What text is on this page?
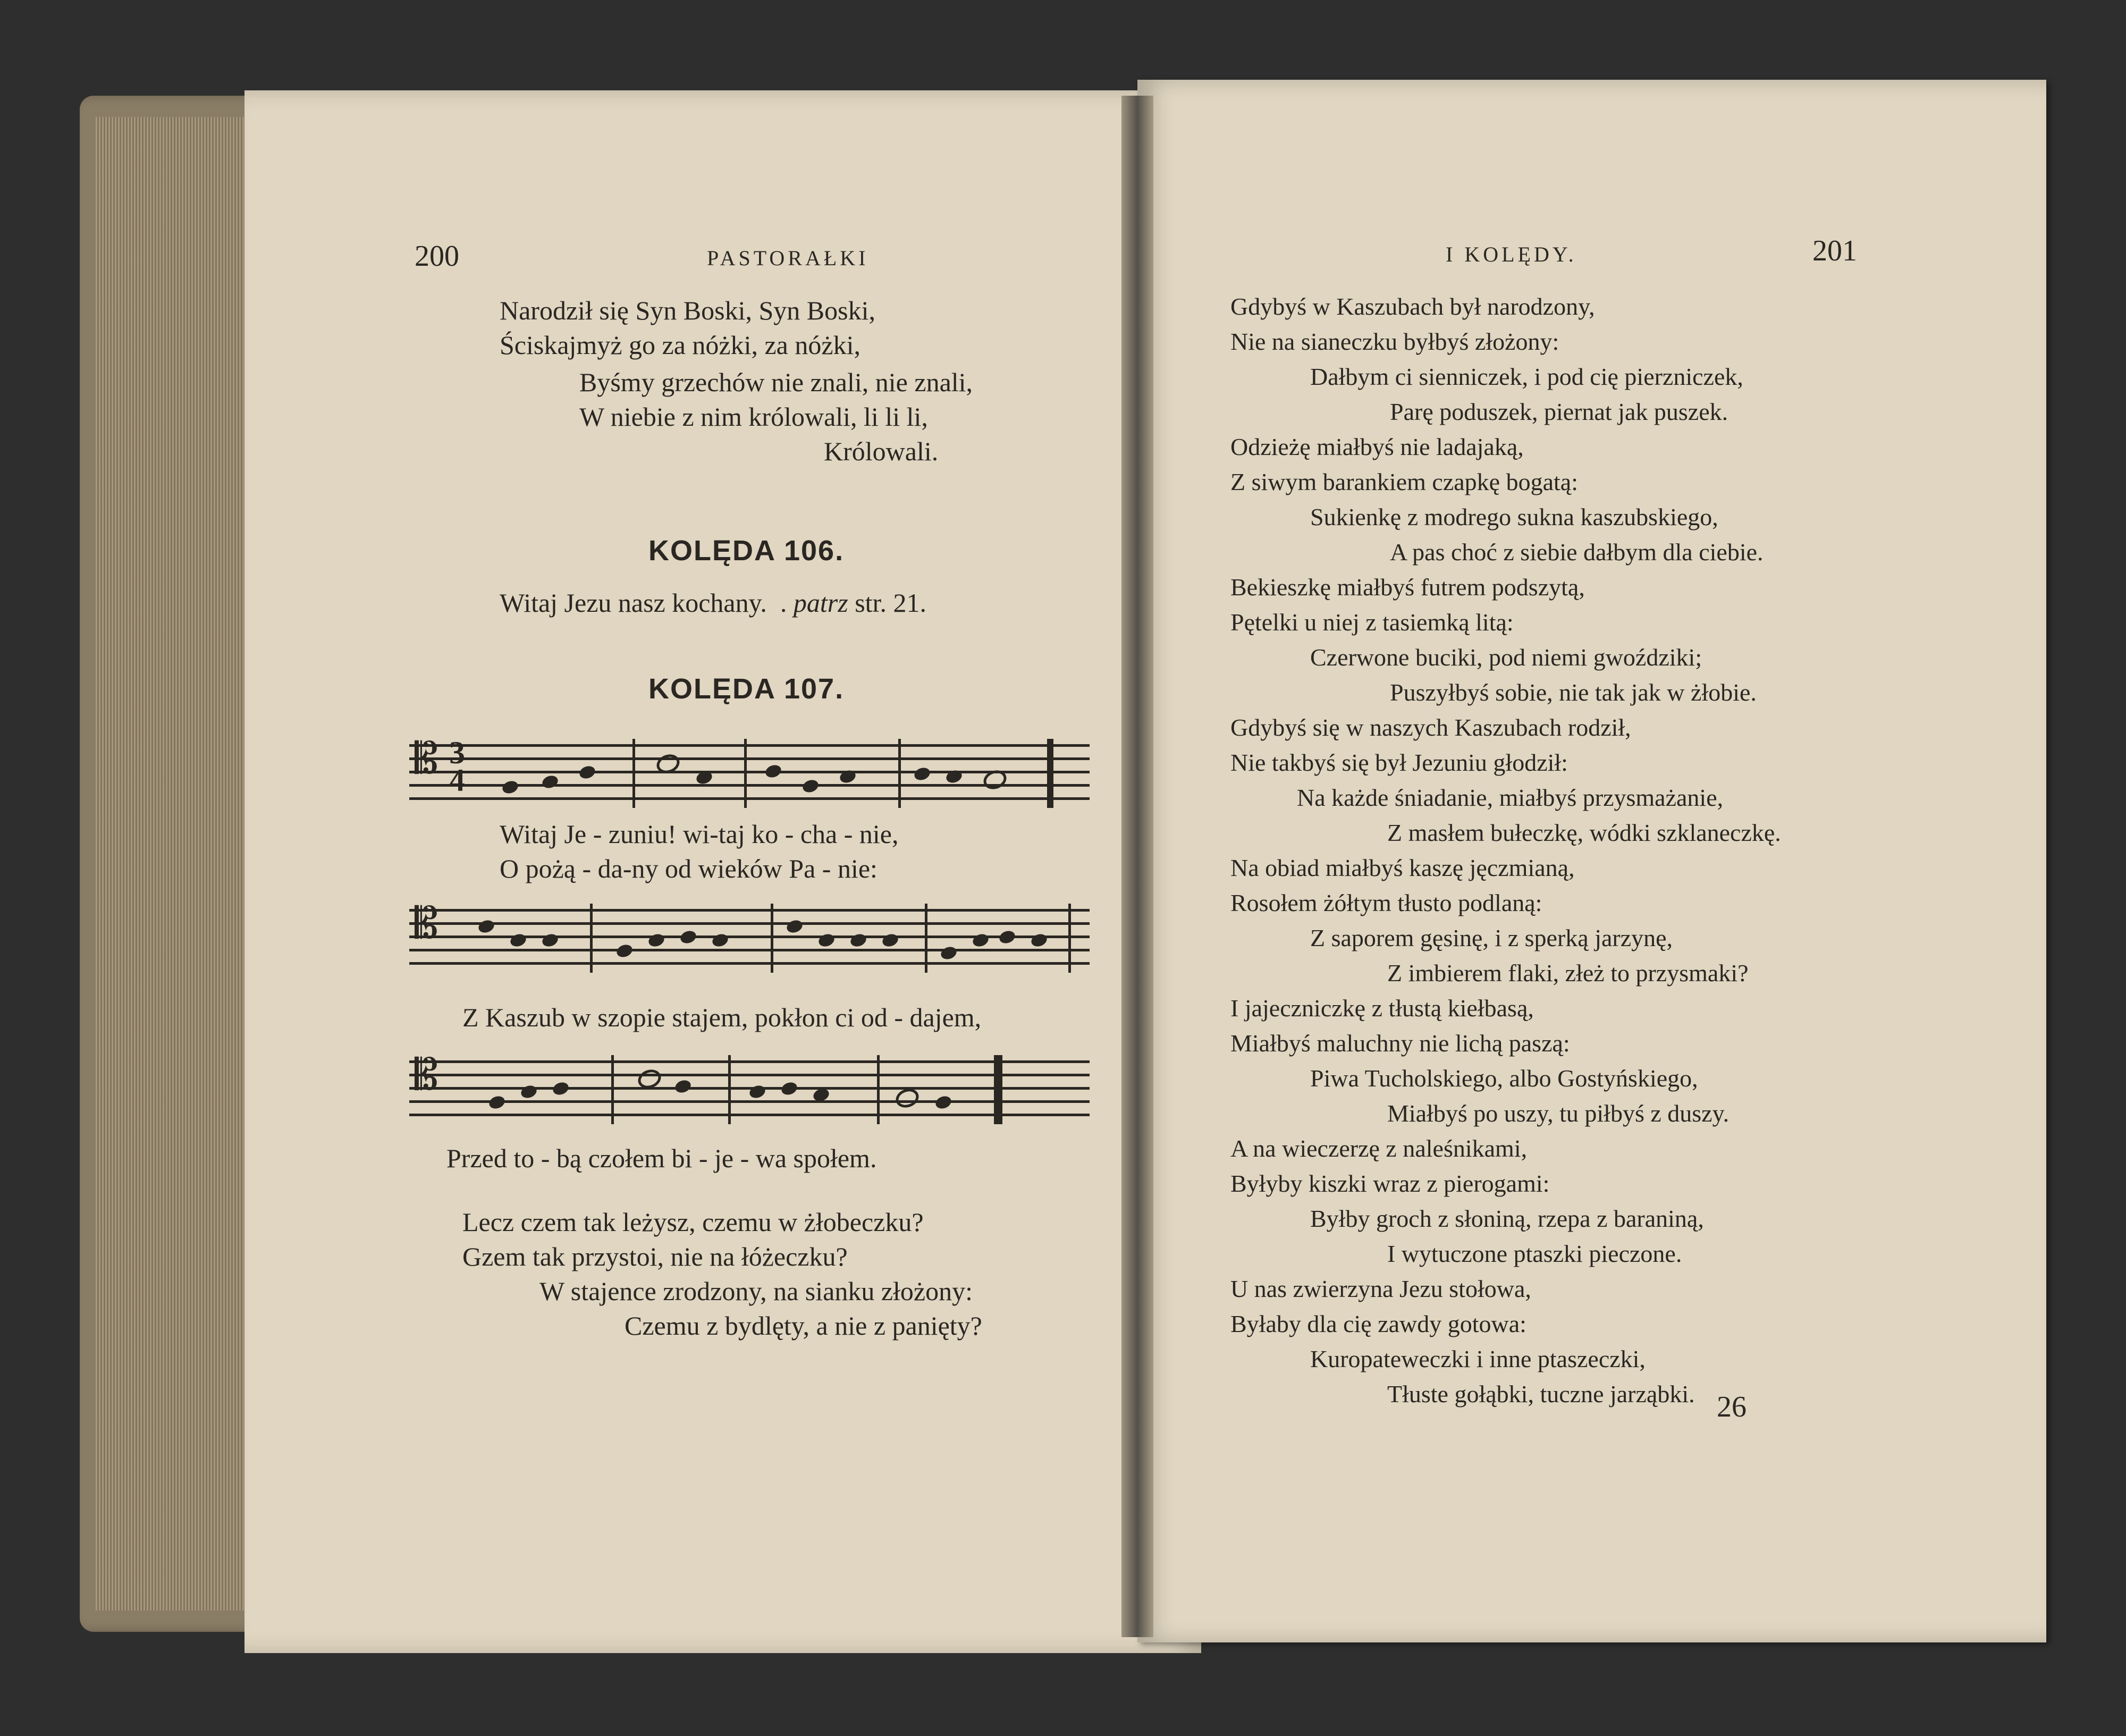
200	PASTORAŁKI
Narodził się Syn Boski, Syn Boski,
Ściskajmyż go za nóżki, za nóżki,
Byśmy grzechów nie znali, nie znali,
W niebie z nim królowali, li li li,
Królowali.
KOLĘDA 106.
Witaj Jezu nasz kochany.  . patrz str. 21.
KOLĘDA 107.
𝄡 3
4
Witaj Je - zuniu! wi-taj ko - cha - nie,
O pożą - da-ny od wieków Pa - nie:
𝄡
Z Kaszub w szopie stajem, pokłon ci od - dajem,
𝄡
Przed to - bą czołem bi - je - wa społem.
Lecz czem tak leżysz, czemu w żłobeczku?
Gzem tak przystoi, nie na łóżeczku?
W stajence zrodzony, na sianku złożony:
Czemu z bydlęty, a nie z panięty?
I KOLĘDY.	201
Gdybyś w Kaszubach był narodzony,
Nie na sianeczku byłbyś złożony:
Dałbym ci sienniczek, i pod cię pierzniczek,
Parę poduszek, piernat jak puszek.
Odzieżę miałbyś nie ladajaką,
Z siwym barankiem czapkę bogatą:
Sukienkę z modrego sukna kaszubskiego,
A pas choć z siebie dałbym dla ciebie.
Bekieszkę miałbyś futrem podszytą,
Pętelki u niej z tasiemką litą:
Czerwone buciki, pod niemi gwoździki;
Puszyłbyś sobie, nie tak jak w żłobie.
Gdybyś się w naszych Kaszubach rodził,
Nie takbyś się był Jezuniu głodził:
Na każde śniadanie, miałbyś przysmażanie,
Z masłem bułeczkę, wódki szklaneczkę.
Na obiad miałbyś kaszę jęczmianą,
Rosołem żółtym tłusto podlaną:
Z saporem gęsinę, i z sperką jarzynę,
Z imbierem flaki, złeż to przysmaki?
I jajeczniczkę z tłustą kiełbasą,
Miałbyś maluchny nie lichą paszą:
Piwa Tucholskiego, albo Gostyńskiego,
Miałbyś po uszy, tu piłbyś z duszy.
A na wieczerzę z naleśnikami,
Byłyby kiszki wraz z pierogami:
Byłby groch z słoniną, rzepa z baraniną,
I wytuczone ptaszki pieczone.
U nas zwierzyna Jezu stołowa,
Byłaby dla cię zawdy gotowa:
Kuropateweczki i inne ptaszeczki,
Tłuste gołąbki, tuczne jarząbki. 26
